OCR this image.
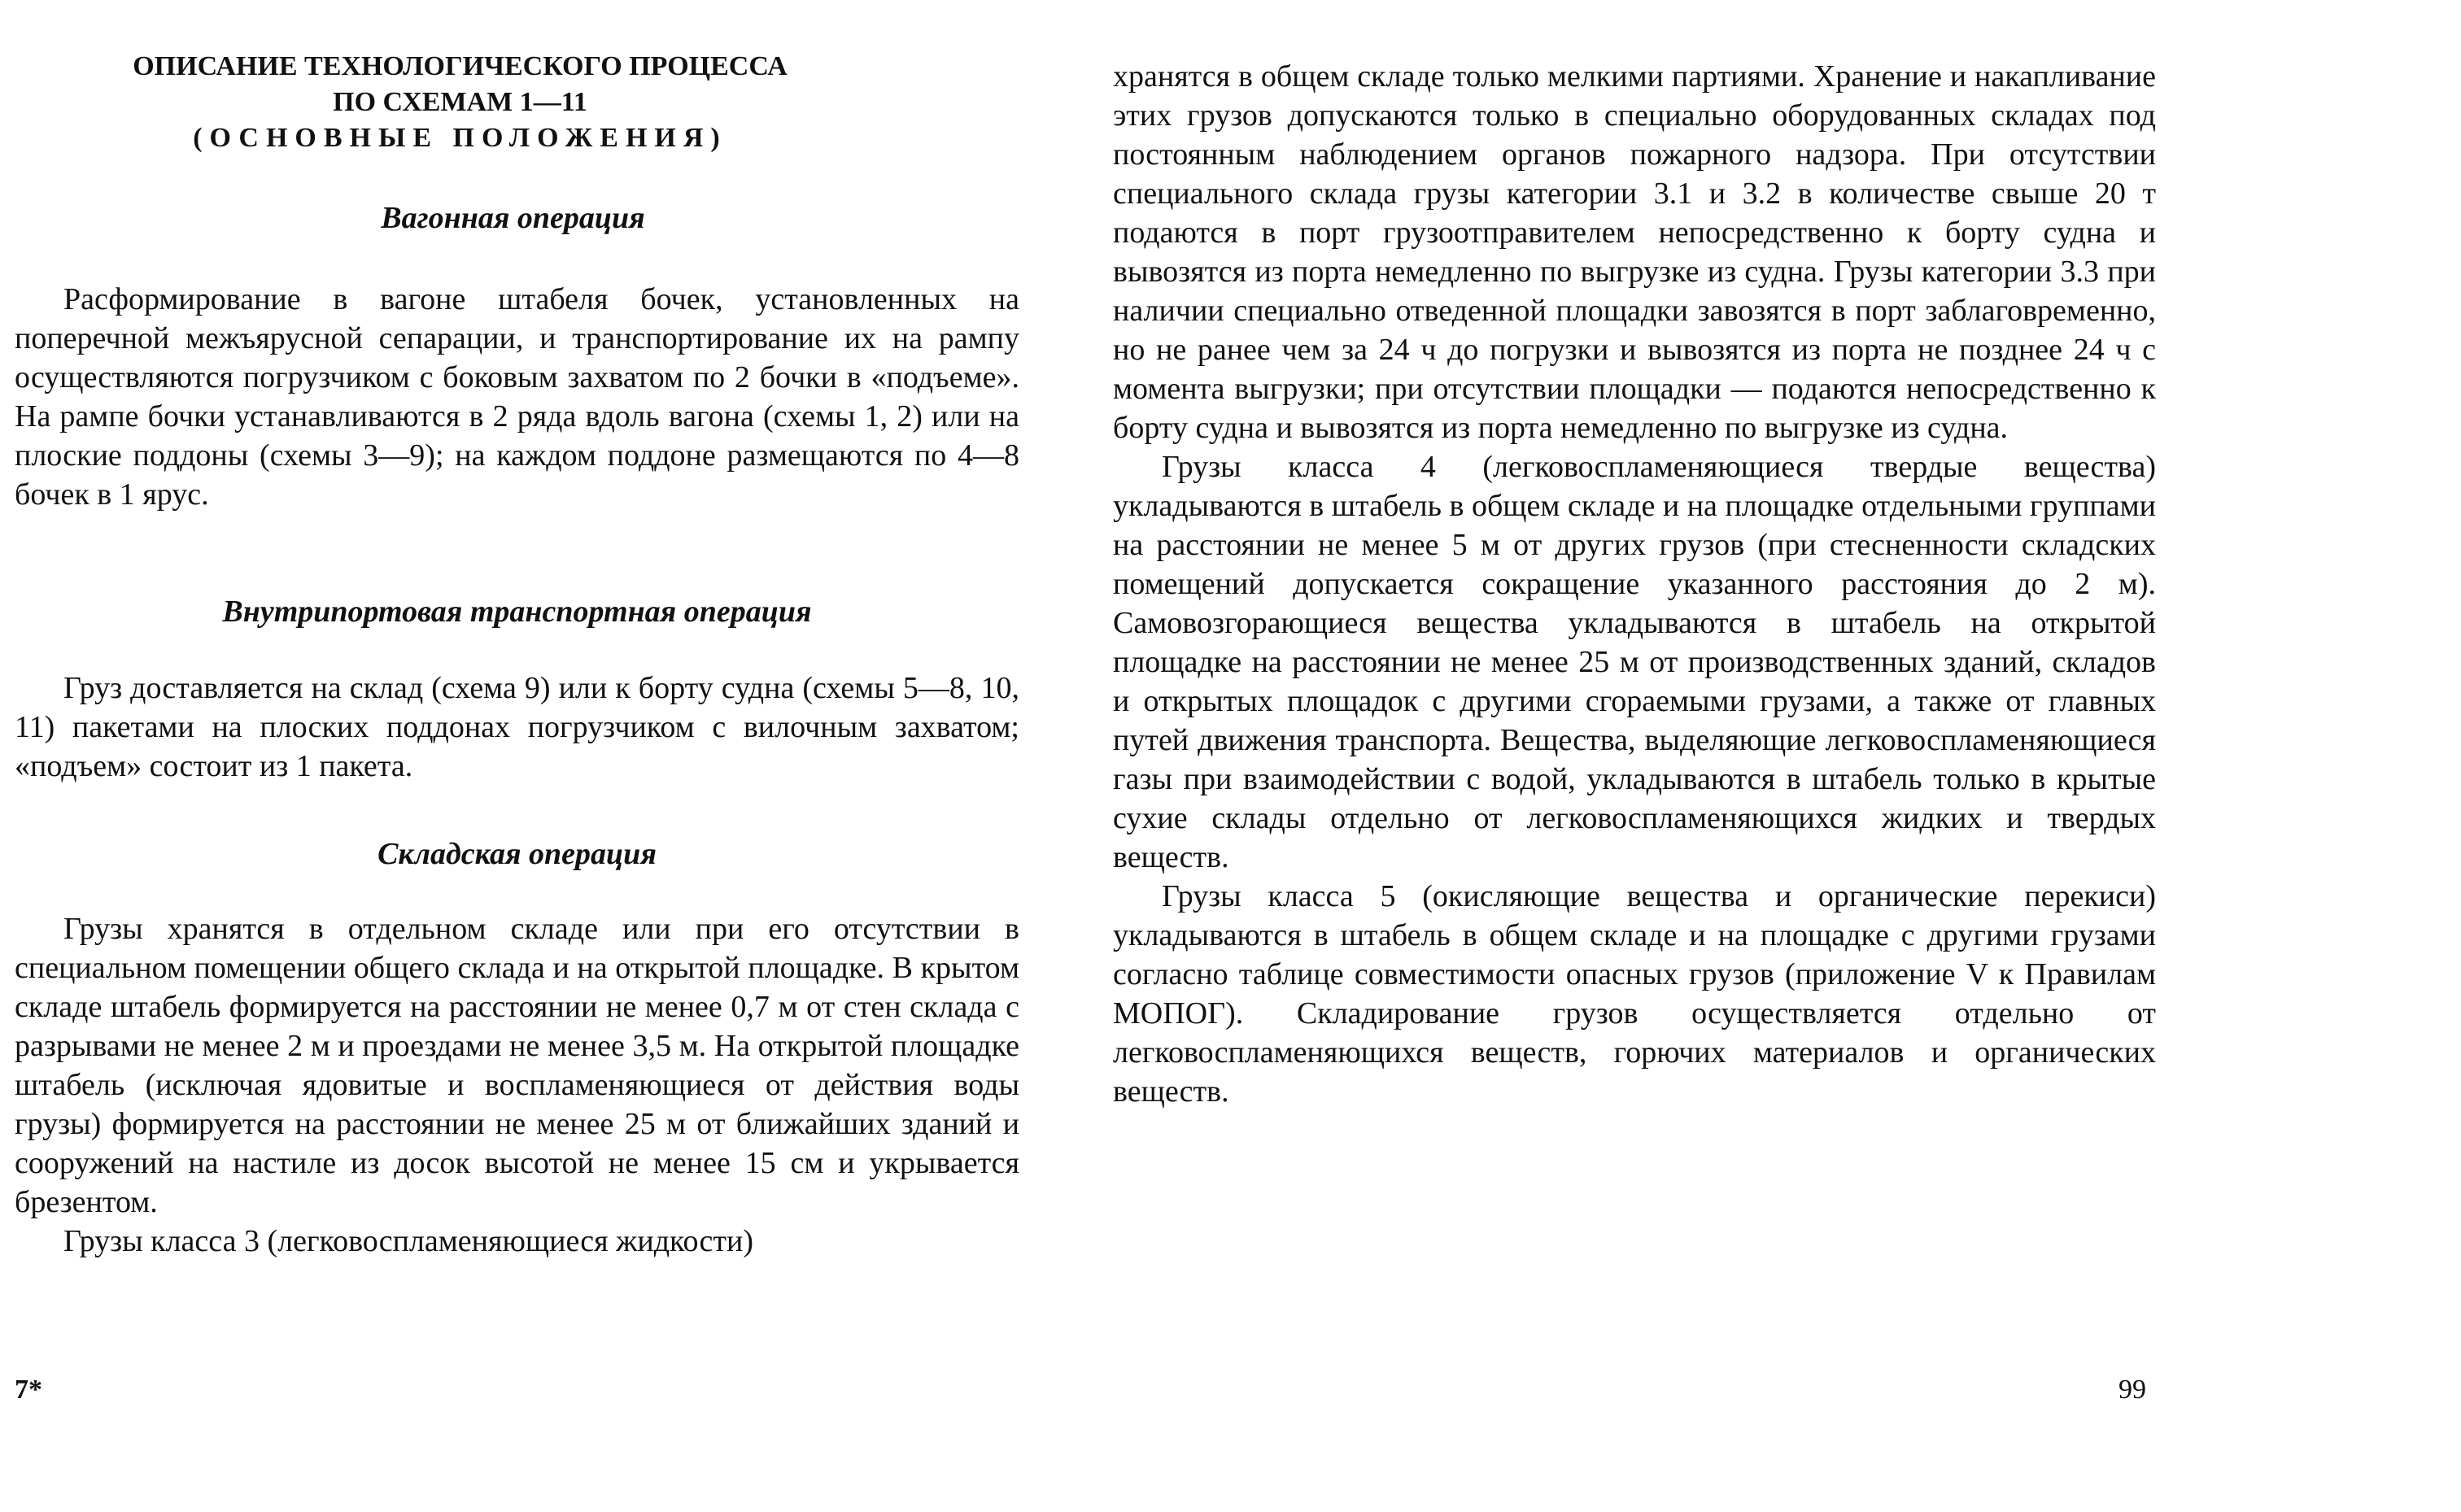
ОПИСАНИЕ ТЕХНОЛОГИЧЕСКОГО ПРОЦЕССА
ПО СХЕМАМ 1—11
(ОСНОВНЫЕ ПОЛОЖЕНИЯ)
Вагонная операция

Расформирование в вагоне штабеля бочек, установленных на поперечной межъярусной сепарации, и транспортирование их на рампу осуществляются погрузчиком с боковым захватом по 2 бочки в «подъеме». На рампе бочки устанавливаются в 2 ряда вдоль вагона (схемы 1, 2) или на плоские поддоны (схемы 3—9); на каждом поддоне размещаются по 4—8 бочек в 1 ярус.

Внутрипортовая транспортная операция

Груз доставляется на склад (схема 9) или к борту судна (схемы 5—8, 10, 11) пакетами на плоских поддонах погрузчиком с вилочным захватом; «подъем» состоит из 1 пакета.

Складская операция

Грузы хранятся в отдельном складе или при его отсутствии в специальном помещении общего склада и на открытой площадке. В крытом складе штабель формируется на расстоянии не менее 0,7 м от стен склада с разрывами не менее 2 м и проездами не менее 3,5 м. На открытой площадке штабель (исключая ядовитые и воспламеняющиеся от действия воды грузы) формируется на расстоянии не менее 25 м от ближайших зданий и сооружений на настиле из досок высотой не менее 15 см и укрывается брезентом.

Грузы класса 3 (легковоспламеняющиеся жидкости)

7*

хранятся в общем складе только мелкими партиями. Хранение и накапливание этих грузов допускаются только в специально оборудованных складах под постоянным наблюдением органов пожарного надзора. При отсутствии специального склада грузы категории 3.1 и 3.2 в количестве свыше 20 т подаются в порт грузоотправителем непосредственно к борту судна и вывозятся из порта немедленно по выгрузке из судна. Грузы категории 3.3 при наличии специально отведенной площадки завозятся в порт заблаговременно, но не ранее чем за 24 ч до погрузки и вывозятся из порта не позднее 24 ч с момента выгрузки; при отсутствии площадки — подаются непосредственно к борту судна и вывозятся из порта немедленно по выгрузке из судна.

Грузы класса 4 (легковоспламеняющиеся твердые вещества) укладываются в штабель в общем складе и на площадке отдельными группами на расстоянии не менее 5 м от других грузов (при стесненности складских помещений допускается сокращение указанного расстояния до 2 м). Самовозгорающиеся вещества укладываются в штабель на открытой площадке на расстоянии не менее 25 м от производственных зданий, складов и открытых площадок с другими сгораемыми грузами, а также от главных путей движения транспорта. Вещества, выделяющие легковоспламеняющиеся газы при взаимодействии с водой, укладываются в штабель только в крытые сухие склады отдельно от легковоспламеняющихся жидких и твердых веществ.

Грузы класса 5 (окисляющие вещества и органические перекиси) укладываются в штабель в общем складе и на площадке с другими грузами согласно таблице совместимости опасных грузов (приложение V к Правилам МОПОГ). Складирование грузов осуществляется отдельно от легковоспламеняющихся веществ, горючих материалов и органических веществ.

99
